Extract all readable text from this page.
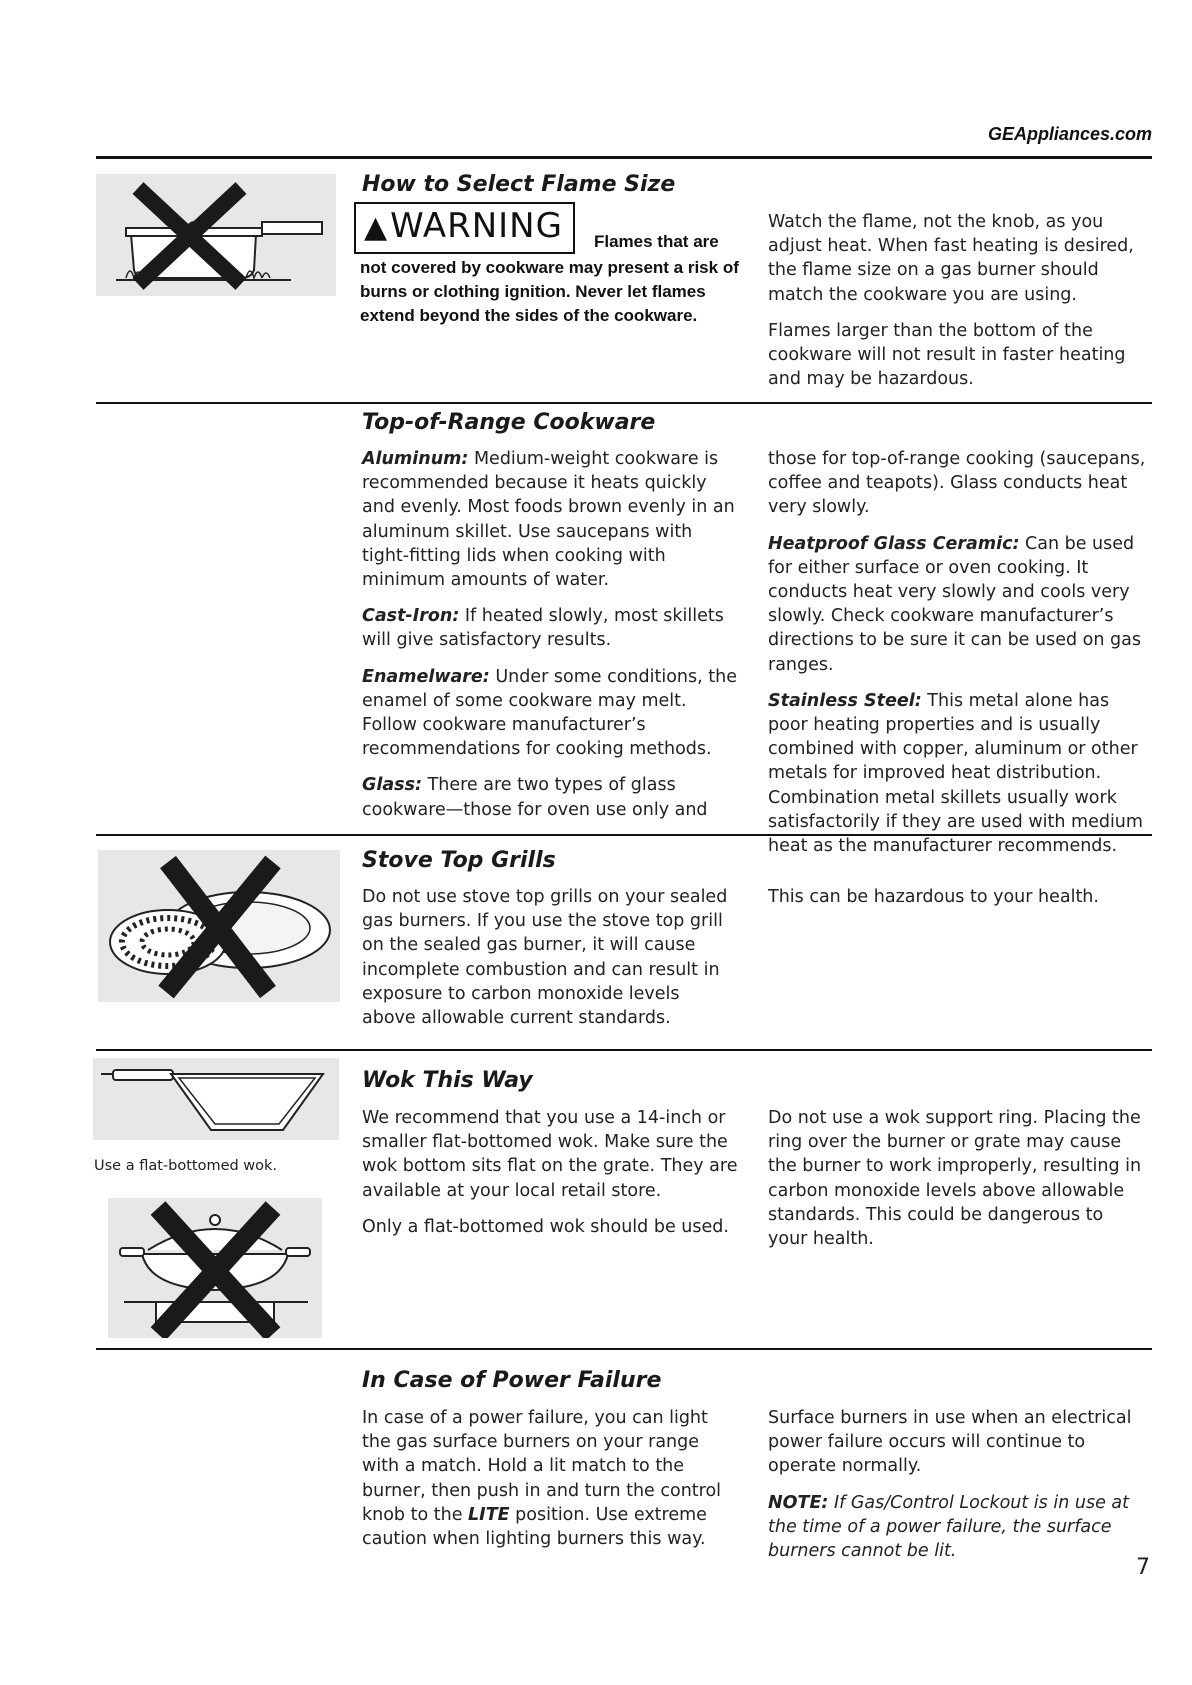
GEAppliances.com
How to Select Flame Size
▲WARNING	Flames that are
not covered by cookware may present a risk of burns or clothing ignition. Never let flames extend beyond the sides of the cookware.

Watch the flame, not the knob, as you adjust heat. When fast heating is desired, the flame size on a gas burner should match the cookware you are using.

Flames larger than the bottom of the cookware will not result in faster heating and may be hazardous.

Top-of-Range Cookware

Aluminum: Medium-weight cookware is recommended because it heats quickly and evenly. Most foods brown evenly in an aluminum skillet. Use saucepans with tight-fitting lids when cooking with minimum amounts of water.

Cast-Iron: If heated slowly, most skillets will give satisfactory results.

Enamelware: Under some conditions, the enamel of some cookware may melt. Follow cookware manufacturer’s recommendations for cooking methods.

Glass: There are two types of glass cookware—those for oven use only and

those for top-of-range cooking (saucepans, coffee and teapots). Glass conducts heat very slowly.

Heatproof Glass Ceramic: Can be used for either surface or oven cooking. It conducts heat very slowly and cools very slowly. Check cookware manufacturer’s directions to be sure it can be used on gas ranges.

Stainless Steel: This metal alone has poor heating properties and is usually combined with copper, aluminum or other metals for improved heat distribution. Combination metal skillets usually work satisfactorily if they are used with medium heat as the manufacturer recommends.

Stove Top Grills

Do not use stove top grills on your sealed gas burners. If you use the stove top grill on the sealed gas burner, it will cause incomplete combustion and can result in exposure to carbon monoxide levels above allowable current standards.

This can be hazardous to your health.

Use a flat-bottomed wok.
Wok This Way

We recommend that you use a 14-inch or smaller flat-bottomed wok. Make sure the wok bottom sits flat on the grate. They are available at your local retail store.

Only a flat-bottomed wok should be used.

Do not use a wok support ring. Placing the ring over the burner or grate may cause the burner to work improperly, resulting in carbon monoxide levels above allowable standards. This could be dangerous to your health.

In Case of Power Failure

In case of a power failure, you can light the gas surface burners on your range with a match. Hold a lit match to the burner, then push in and turn the control knob to the LITE position. Use extreme caution when lighting burners this way.

Surface burners in use when an electrical power failure occurs will continue to operate normally.

NOTE: If Gas/Control Lockout is in use at the time of a power failure, the surface burners cannot be lit.

7
